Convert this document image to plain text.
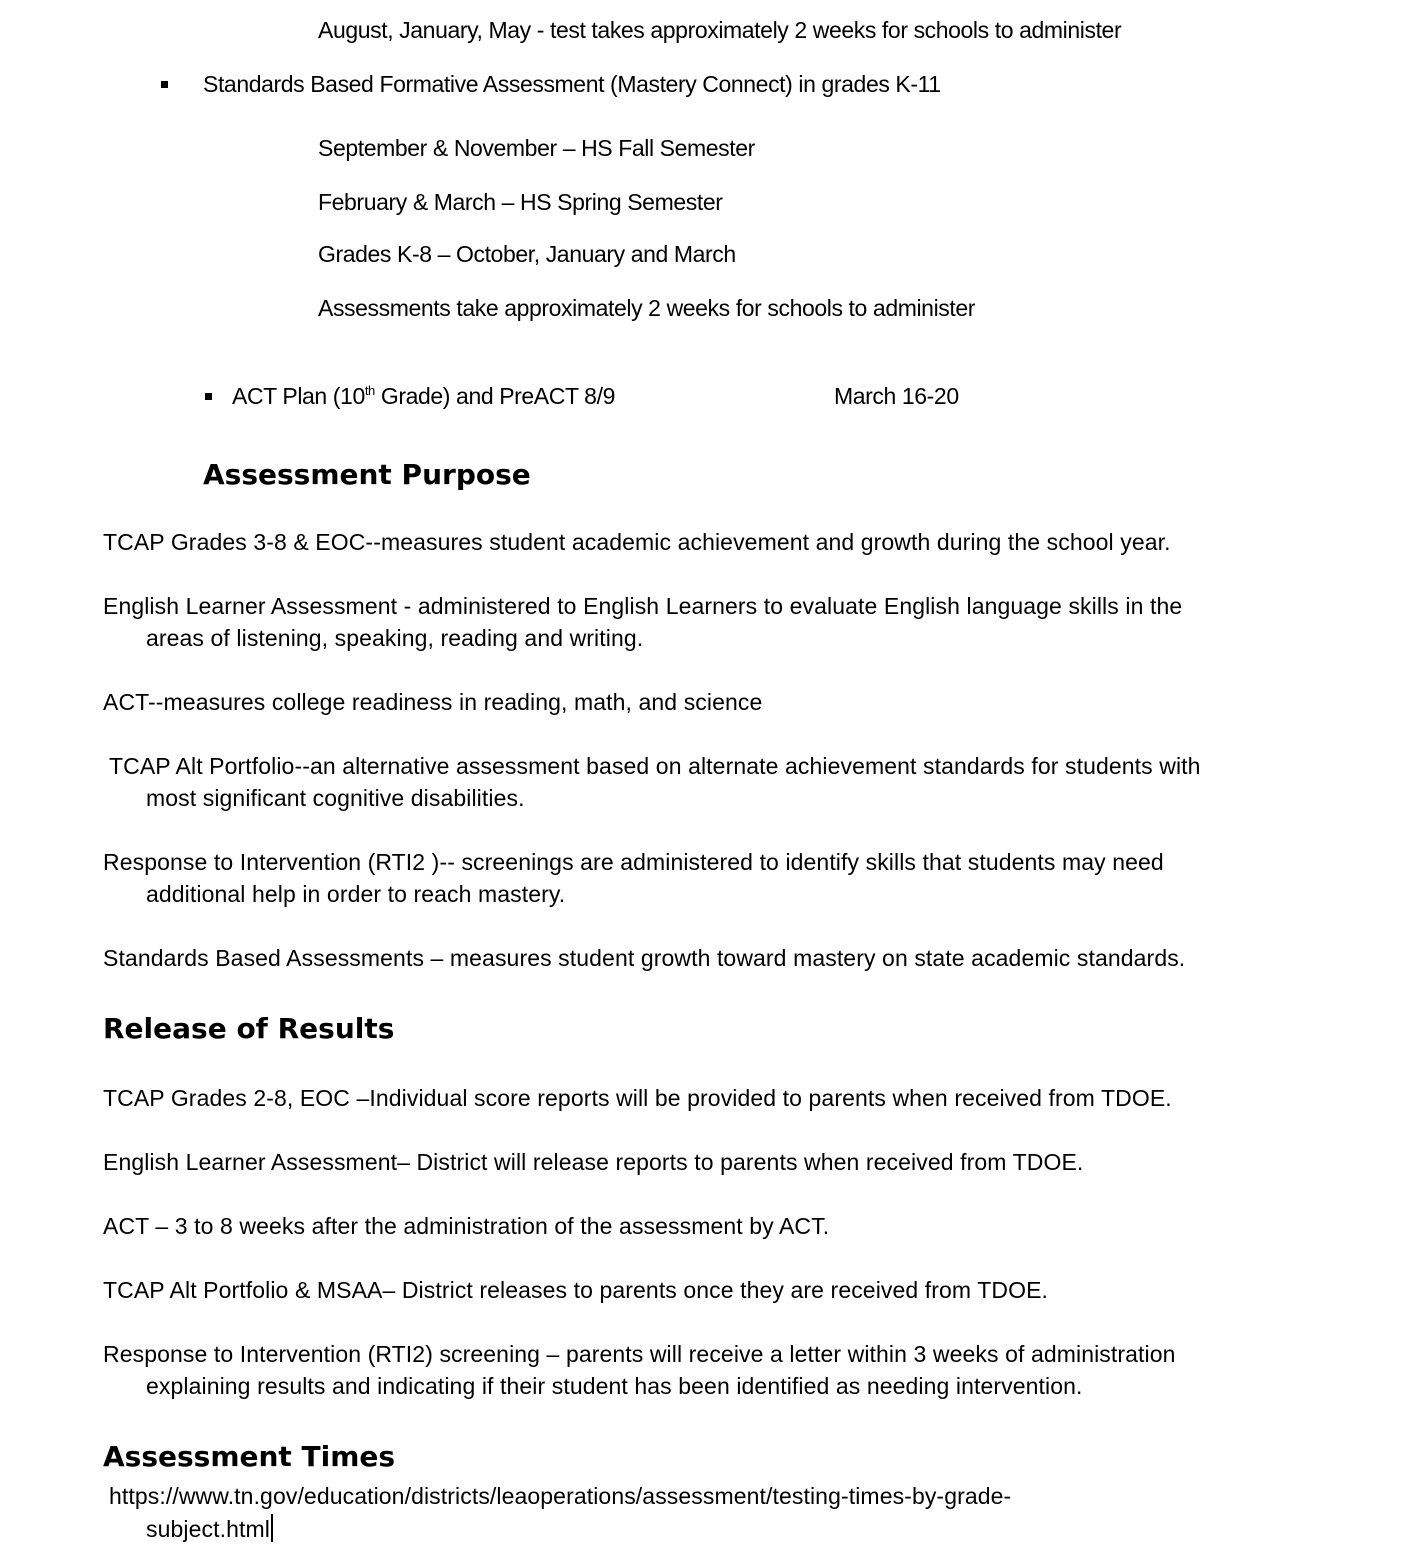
August, January, May - test takes approximately 2 weeks for schools to administer
Standards Based Formative Assessment (Mastery Connect) in grades K-11
September & November – HS Fall Semester
February & March – HS Spring Semester
Grades K-8 – October, January and March
Assessments take approximately 2 weeks for schools to administer
ACT Plan (10th Grade) and PreACT 8/9	March 16-20
Assessment Purpose
TCAP Grades 3-8 & EOC--measures student academic achievement and growth during the school year.
English Learner Assessment - administered to English Learners to evaluate English language skills in the
areas of listening, speaking, reading and writing.
ACT--measures college readiness in reading, math, and science
TCAP Alt Portfolio--an alternative assessment based on alternate achievement standards for students with
most significant cognitive disabilities.
Response to Intervention (RTI2 )-- screenings are administered to identify skills that students may need
additional help in order to reach mastery.
Standards Based Assessments – measures student growth toward mastery on state academic standards.
Release of Results
TCAP Grades 2-8, EOC –Individual score reports will be provided to parents when received from TDOE.
English Learner Assessment– District will release reports to parents when received from TDOE.
ACT – 3 to 8 weeks after the administration of the assessment by ACT.
TCAP Alt Portfolio & MSAA– District releases to parents once they are received from TDOE.
Response to Intervention (RTI2) screening – parents will receive a letter within 3 weeks of administration
explaining results and indicating if their student has been identified as needing intervention.
Assessment Times
https://www.tn.gov/education/districts/leaoperations/assessment/testing-times-by-grade-
subject.html
